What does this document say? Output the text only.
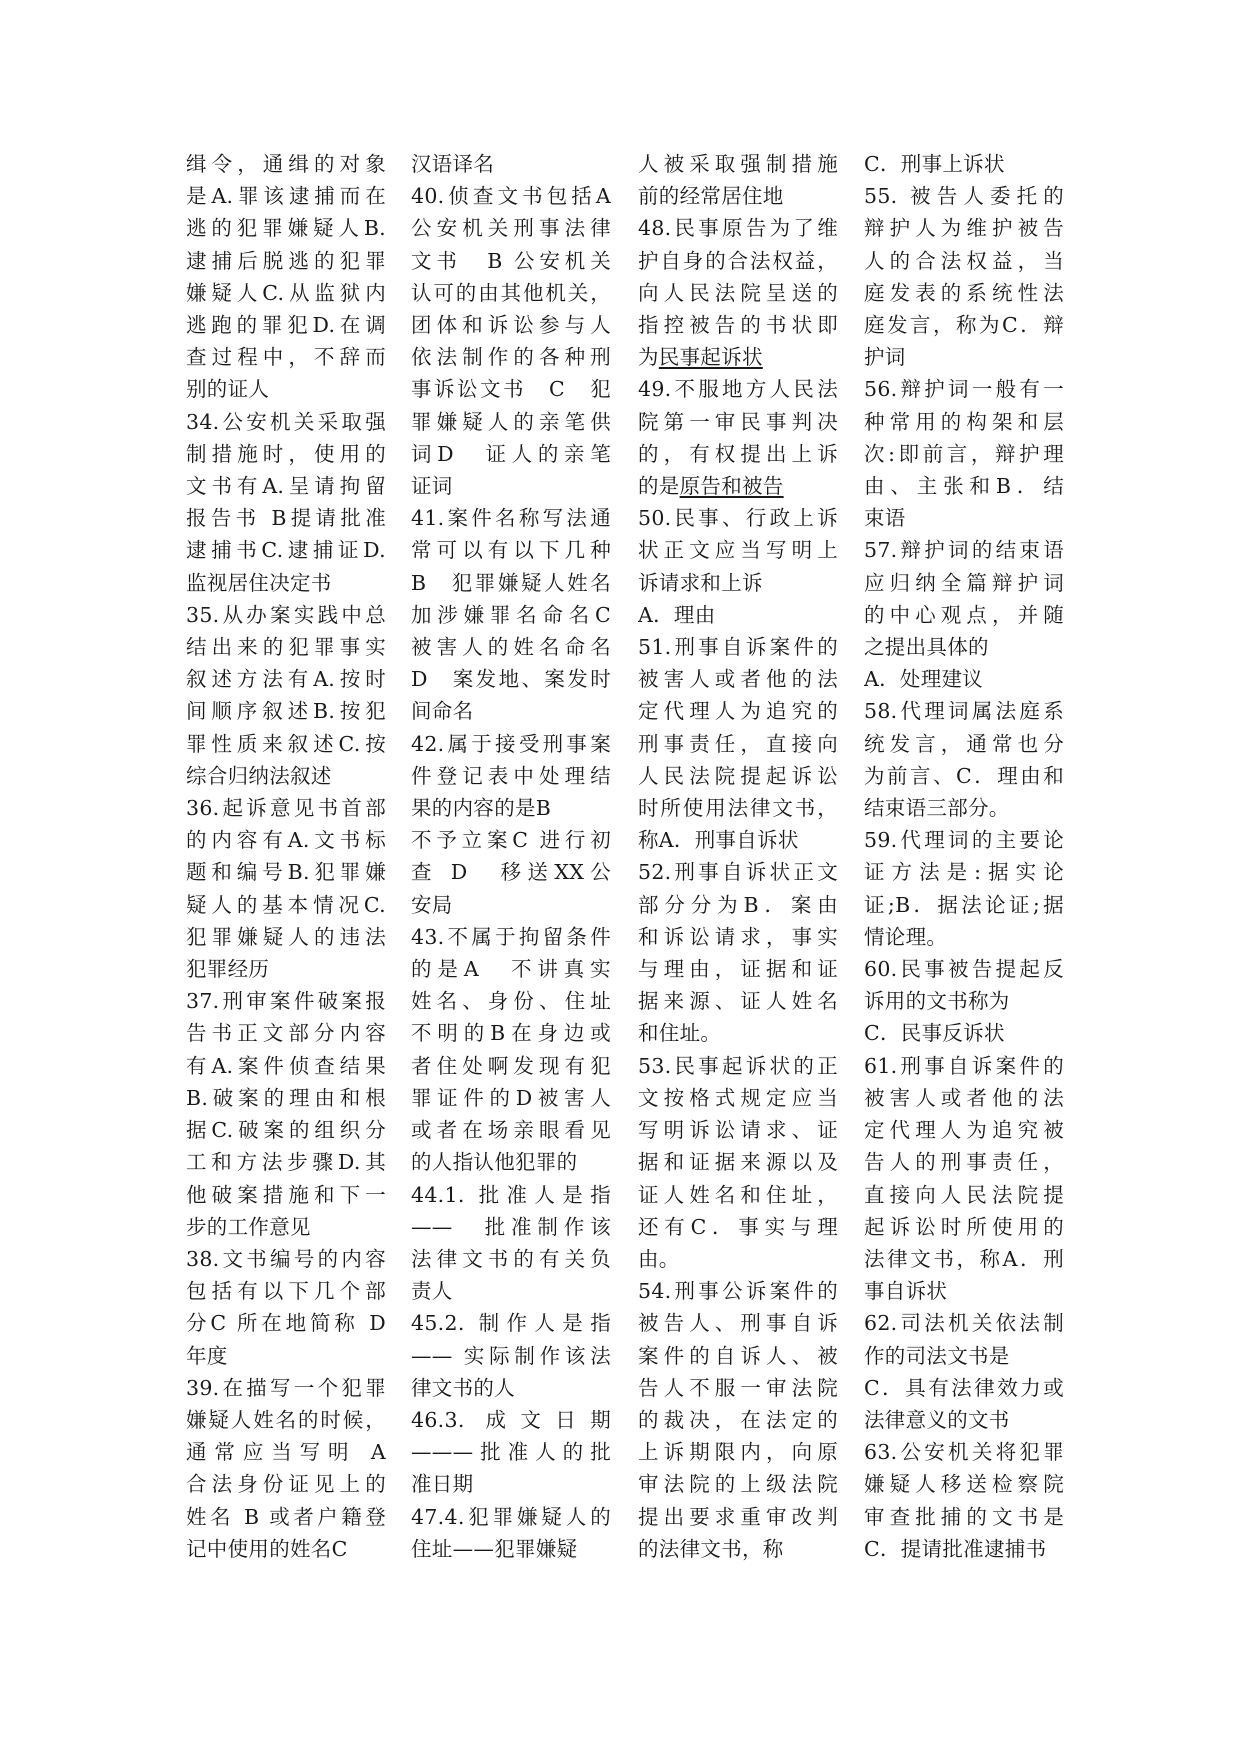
缉令，通缉的对象
是A.罪该逮捕而在
逃的犯罪嫌疑人B.
逮捕后脱逃的犯罪
嫌疑人C.从监狱内
逃跑的罪犯D.在调
查过程中，不辞而
别的证人
34.公安机关采取强
制措施时，使用的
文书有A.呈请拘留
报告书 B提请批准
逮捕书C.逮捕证D.
监视居住决定书
35.从办案实践中总
结出来的犯罪事实
叙述方法有A.按时
间顺序叙述B.按犯
罪性质来叙述C.按
综合归纳法叙述
36.起诉意见书首部
的内容有A.文书标
题和编号B.犯罪嫌
疑人的基本情况C.
犯罪嫌疑人的违法
犯罪经历
37.刑审案件破案报
告书正文部分内容
有A.案件侦查结果
B.破案的理由和根
据C.破案的组织分
工和方法步骤D.其
他破案措施和下一
步的工作意见
38.文书编号的内容
包括有以下几个部
分C 所在地简称 D
年度
39.在描写一个犯罪
嫌疑人姓名的时候，
通常应当写明 A
合法身份证见上的
姓名 B 或者户籍登
记中使用的姓名C
汉语译名
40.侦查文书包括A
公安机关刑事法律
文书　B 公安机关
认可的由其他机关，
团体和诉讼参与人
依法制作的各种刑
事诉讼文书　C　犯
罪嫌疑人的亲笔供
词D　证人的亲笔
证词
41.案件名称写法通
常可以有以下几种
B　犯罪嫌疑人姓名
加涉嫌罪名命名C
被害人的姓名命名
D　案发地、案发时
间命名
42.属于接受刑事案
件登记表中处理结
果的内容的是B
不予立案C 进行初
查 D　移送XX公
安局
43.不属于拘留条件
的是A　不讲真实
姓名、身份、住址
不明的B在身边或
者住处啊发现有犯
罪证件的D被害人
或者在场亲眼看见
的人指认他犯罪的
44.1. 批准人是指
——　批准制作该
法律文书的有关负
责人
45.2. 制作人是指
—— 实际制作该法
律文书的人
46.3. 成文日期
———批准人的批
准日期
47.4.犯罪嫌疑人的
住址——犯罪嫌疑
人被采取强制措施
前的经常居住地
48.民事原告为了维
护自身的合法权益，
向人民法院呈送的
指控被告的书状即
为民事起诉状
49.不服地方人民法
院第一审民事判决
的，有权提出上诉
的是原告和被告
50.民事、行政上诉
状正文应当写明上
诉请求和上诉
A．理由
51.刑事自诉案件的
被害人或者他的法
定代理人为追究的
刑事责任，直接向
人民法院提起诉讼
时所使用法律文书，
称A．刑事自诉状
52.刑事自诉状正文
部分分为B．案由
和诉讼请求，事实
与理由，证据和证
据来源、证人姓名
和住址。
53.民事起诉状的正
文按格式规定应当
写明诉讼请求、证
据和证据来源以及
证人姓名和住址，
还有C．事实与理
由。
54.刑事公诉案件的
被告人、刑事自诉
案件的自诉人、被
告人不服一审法院
的裁决，在法定的
上诉期限内，向原
审法院的上级法院
提出要求重审改判
的法律文书，称
C．刑事上诉状
55. 被告人委托的
辩护人为维护被告
人的合法权益，当
庭发表的系统性法
庭发言，称为C．辩
护词
56.辩护词一般有一
种常用的构架和层
次:即前言，辩护理
由、主张和B．结
束语
57.辩护词的结束语
应归纳全篇辩护词
的中心观点，并随
之提出具体的
A．处理建议
58.代理词属法庭系
统发言，通常也分
为前言、C．理由和
结束语三部分。
59.代理词的主要论
证方法是:据实论
证;B．据法论证;据
情论理。
60.民事被告提起反
诉用的文书称为
C．民事反诉状
61.刑事自诉案件的
被害人或者他的法
定代理人为追究被
告人的刑事责任，
直接向人民法院提
起诉讼时所使用的
法律文书，称A．刑
事自诉状
62.司法机关依法制
作的司法文书是
C．具有法律效力或
法律意义的文书
63.公安机关将犯罪
嫌疑人移送检察院
审查批捕的文书是
C．提请批准逮捕书
